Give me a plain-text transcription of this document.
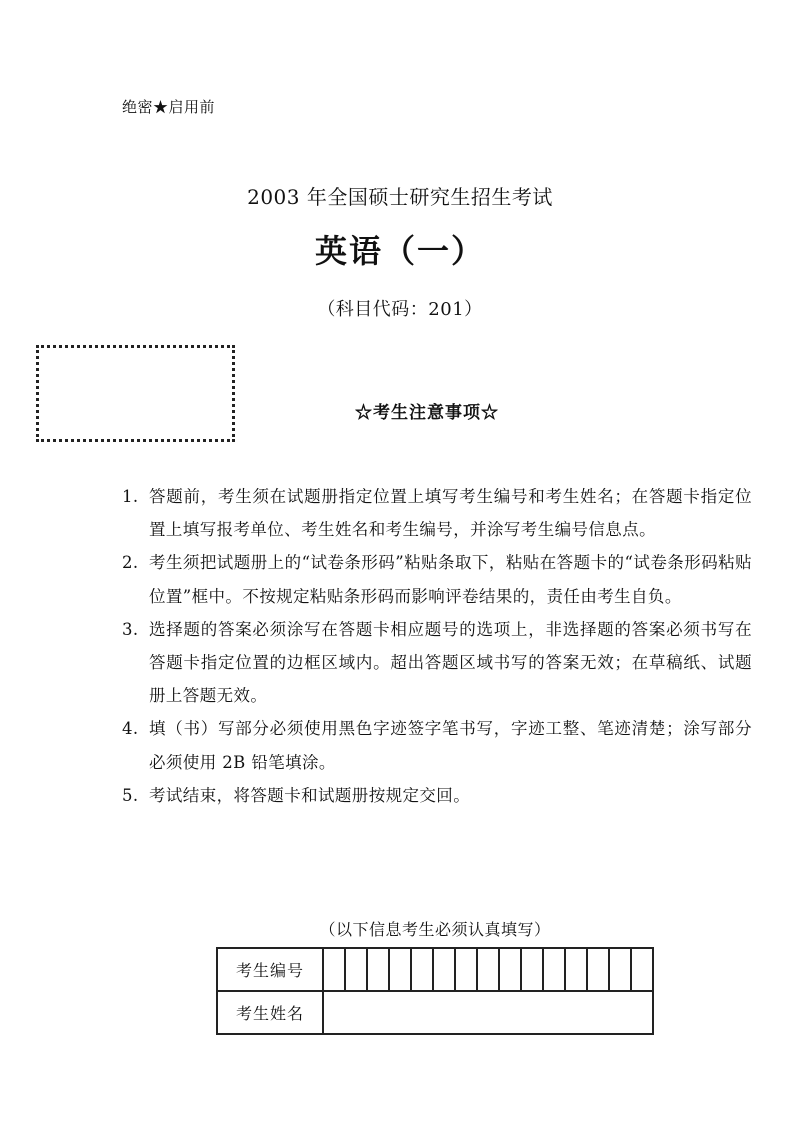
绝密★启用前
2003 年全国硕士研究生招生考试
英语（一）
（科目代码：201）
☆考生注意事项☆
1. 答题前，考生须在试题册指定位置上填写考生编号和考生姓名；在答题卡指定位置上填写报考单位、考生姓名和考生编号，并涂写考生编号信息点。
2. 考生须把试题册上的“试卷条形码”粘贴条取下，粘贴在答题卡的“试卷条形码粘贴位置”框中。不按规定粘贴条形码而影响评卷结果的，责任由考生自负。
3. 选择题的答案必须涂写在答题卡相应题号的选项上，非选择题的答案必须书写在答题卡指定位置的边框区域内。超出答题区域书写的答案无效；在草稿纸、试题册上答题无效。
4. 填（书）写部分必须使用黑色字迹签字笔书写，字迹工整、笔迹清楚；涂写部分必须使用 2B 铅笔填涂。
5. 考试结束，将答题卡和试题册按规定交回。
（以下信息考生必须认真填写）
考生编号															
考生姓名															
